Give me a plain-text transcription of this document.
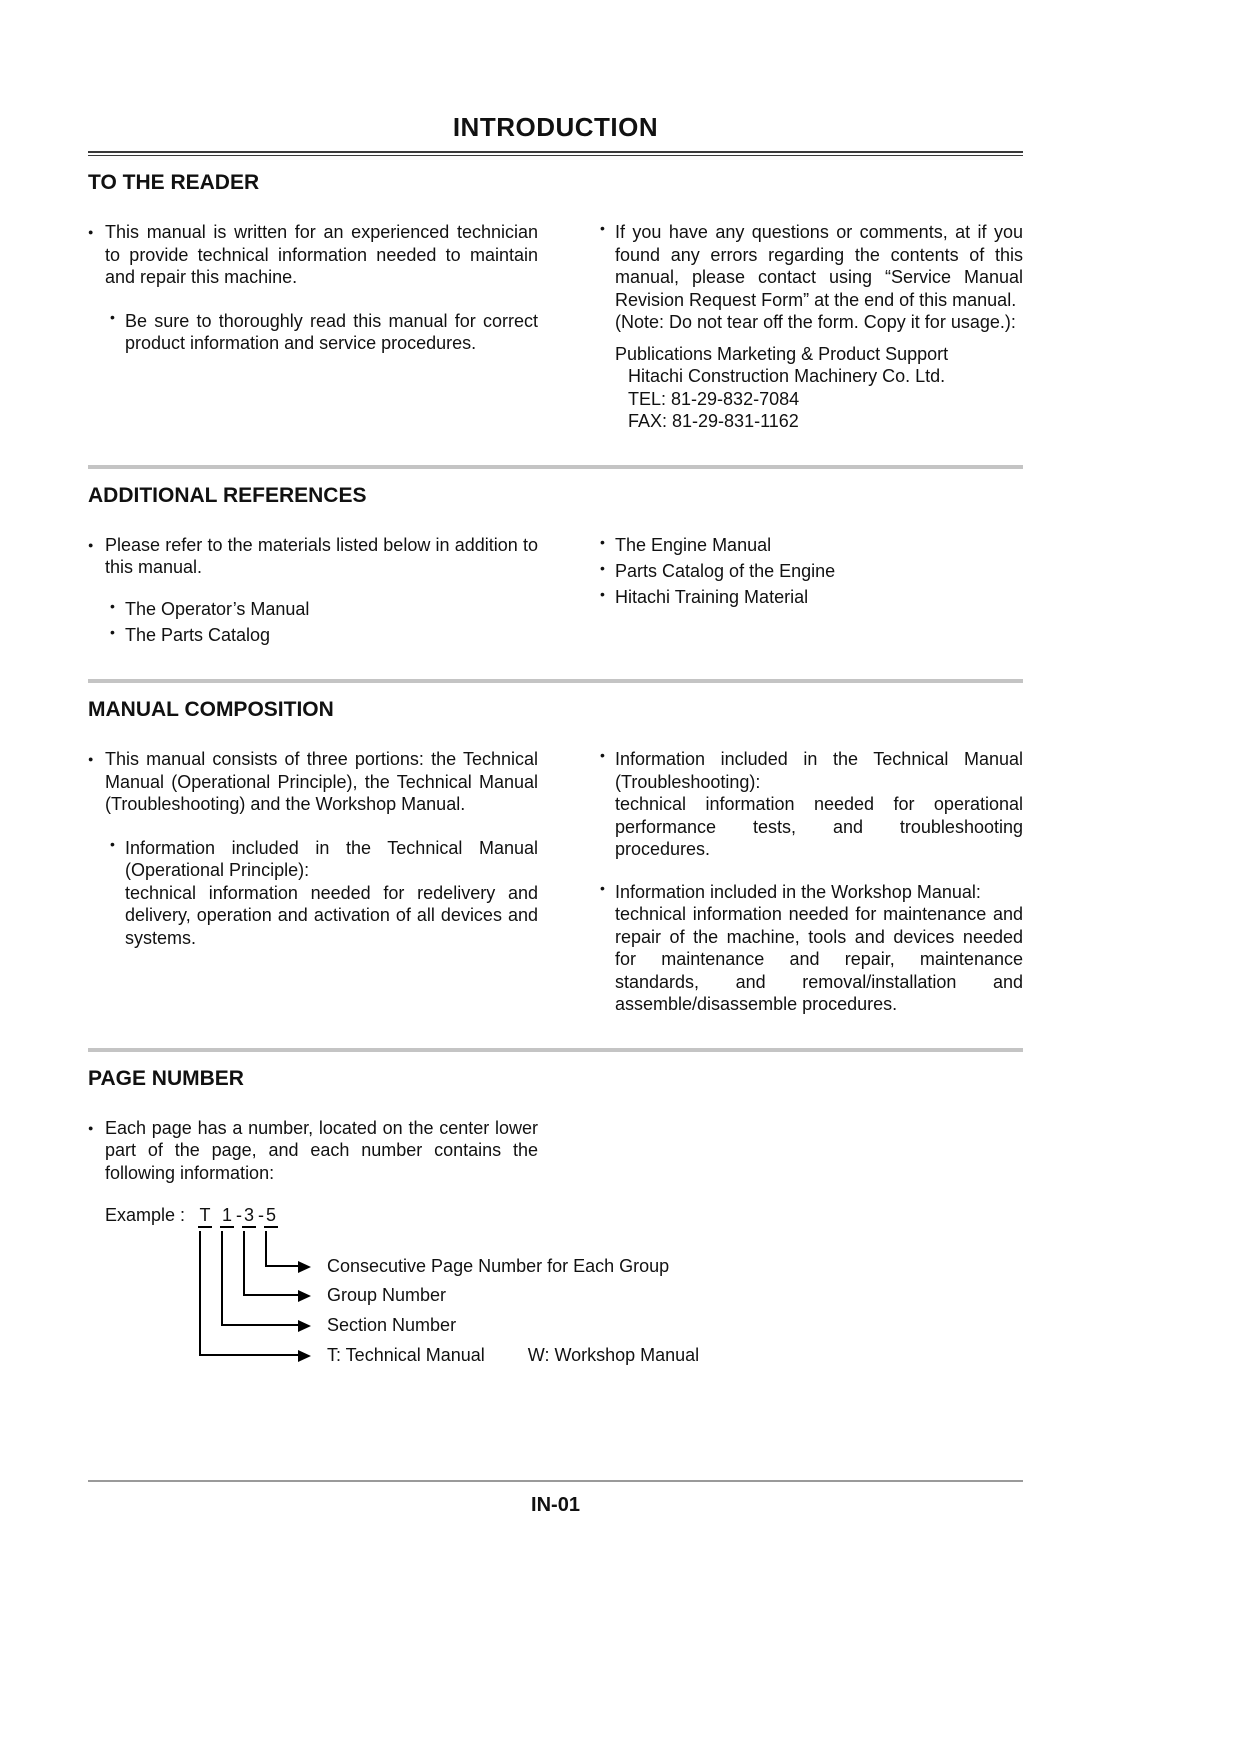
INTRODUCTION
TO THE READER

● This manual is written for an experienced technician to provide technical information needed to maintain and repair this machine.

• Be sure to thoroughly read this manual for correct product information and service procedures.

• If you have any questions or comments, at if you found any errors regarding the contents of this manual, please contact using “Service Manual Revision Request Form” at the end of this manual.

(Note: Do not tear off the form. Copy it for usage.):

Publications Marketing & Product Support

Hitachi Construction Machinery Co. Ltd.

TEL: 81-29-832-7084

FAX: 81-29-831-1162

ADDITIONAL REFERENCES

● Please refer to the materials listed below in addition to this manual.

• The Operator’s Manual

• The Parts Catalog

• The Engine Manual

• Parts Catalog of the Engine

• Hitachi Training Material

MANUAL COMPOSITION

● This manual consists of three portions: the Technical Manual (Operational Principle), the Technical Manual (Troubleshooting) and the Workshop Manual.

• Information included in the Technical Manual (Operational Principle):

technical information needed for redelivery and delivery, operation and activation of all devices and systems.

• Information included in the Technical Manual (Troubleshooting):

technical information needed for operational performance tests, and troubleshooting procedures.

• Information included in the Workshop Manual:

technical information needed for maintenance and repair of the machine, tools and devices needed for maintenance and repair, maintenance standards, and removal/installation and assemble/disassemble procedures.

PAGE NUMBER

● Each page has a number, located on the center lower part of the page, and each number contains the following information:

Example : T 1 - 3 - 5
Consecutive Page Number for Each Group
Group Number
Section Number
T: Technical Manual W: Workshop Manual
IN-01
